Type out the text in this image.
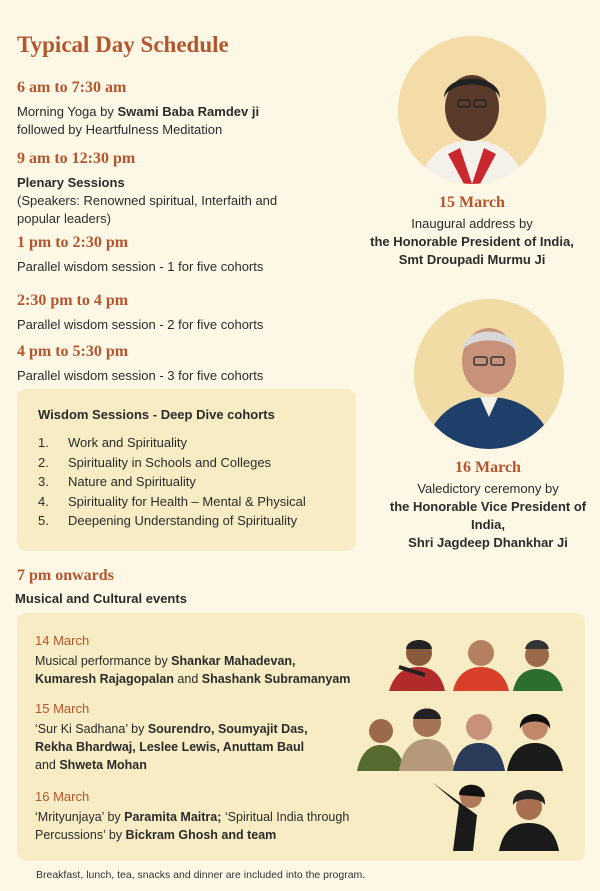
Typical Day Schedule
6 am to 7:30 am
Morning Yoga by Swami Baba Ramdev ji
followed by Heartfulness Meditation
9 am to 12:30 pm
Plenary Sessions
(Speakers: Renowned spiritual, Interfaith and popular leaders)
1 pm to 2:30 pm
Parallel wisdom session - 1 for five cohorts
2:30 pm to 4 pm
Parallel wisdom session - 2 for five cohorts
4 pm to 5:30 pm
Parallel wisdom session - 3 for five cohorts
Wisdom Sessions - Deep Dive cohorts
1.	Work and Spirituality
2.	Spirituality in Schools and Colleges
3.	Nature and Spirituality
4.	Spirituality for Health – Mental & Physical
5.	Deepening Understanding of Spirituality
15 March
Inaugural address by
the Honorable President of India,
Smt Droupadi Murmu Ji
16 March
Valedictory ceremony by
the Honorable Vice President of India,
Shri Jagdeep Dhankhar Ji
7 pm onwards
Musical and Cultural events
14 March
Musical performance by Shankar Mahadevan,
Kumaresh Rajagopalan and Shashank Subramanyam
15 March
‘Sur Ki Sadhana’ by Sourendro, Soumyajit Das,
Rekha Bhardwaj, Leslee Lewis, Anuttam Baul
and Shweta Mohan
16 March
‘Mrityunjaya’ by Paramita Maitra; ‘Spiritual India through
Percussions’ by Bickram Ghosh and team
Breakfast, lunch, tea, snacks and dinner are included into the program.
